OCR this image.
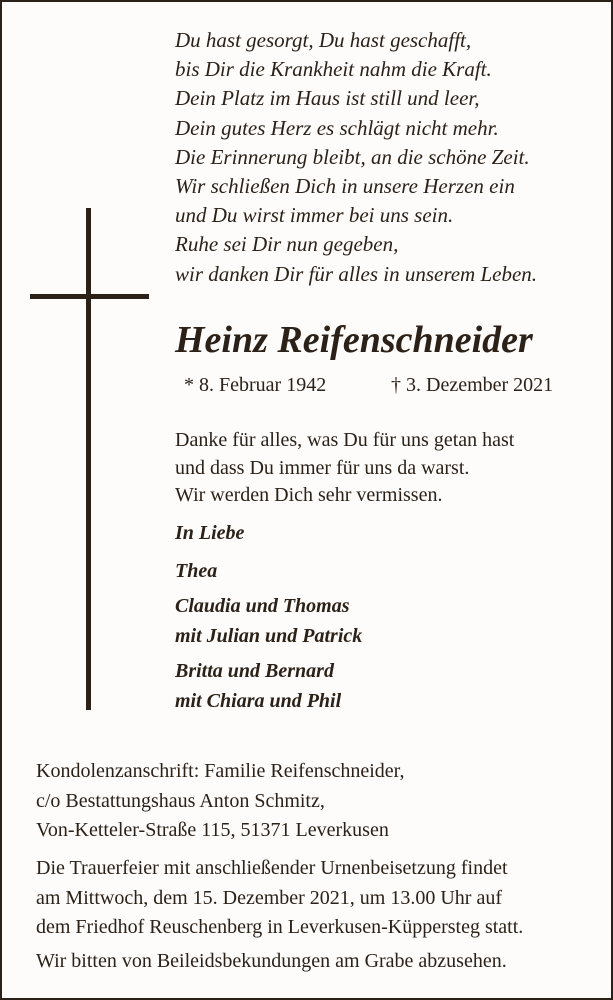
Du hast gesorgt, Du hast geschafft,
bis Dir die Krankheit nahm die Kraft.
Dein Platz im Haus ist still und leer,
Dein gutes Herz es schlägt nicht mehr.
Die Erinnerung bleibt, an die schöne Zeit.
Wir schließen Dich in unsere Herzen ein
und Du wirst immer bei uns sein.
Ruhe sei Dir nun gegeben,
wir danken Dir für alles in unserem Leben.
Heinz Reifenschneider
* 8. Februar 1942	† 3. Dezember 2021
Danke für alles, was Du für uns getan hast
und dass Du immer für uns da warst.
Wir werden Dich sehr vermissen.
In Liebe
Thea
Claudia und Thomas
mit Julian und Patrick
Britta und Bernard
mit Chiara und Phil
Kondolenzanschrift: Familie Reifenschneider,
c/o Bestattungshaus Anton Schmitz,
Von-Ketteler-Straße 115, 51371 Leverkusen
Die Trauerfeier mit anschließender Urnenbeisetzung findet
am Mittwoch, dem 15. Dezember 2021, um 13.00 Uhr auf
dem Friedhof Reuschenberg in Leverkusen-Küppersteg statt.
Wir bitten von Beileidsbekundungen am Grabe abzusehen.
